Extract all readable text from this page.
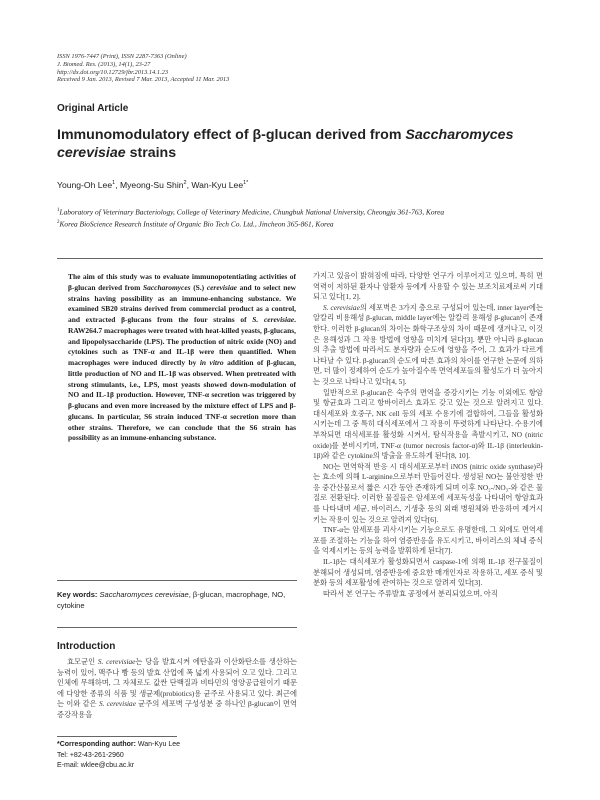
ISSN 1976-7447 (Print), ISSN 2287-7363 (Online)
J. Biomed. Res. (2013), 14(1), 23-27
http://dx.doi.org/10.12729/jbr.2013.14.1.23
Received 9 Jan. 2013, Revised 7 Mar. 2013, Accepted 11 Mar. 2013
Original Article
Immunomodulatory effect of β-glucan derived from Saccharomyces cerevisiae strains
Young-Oh Lee$^1$, Myeong-Su Shin$^2$, Wan-Kyu Lee$^{1*}$
$^1$Laboratory of Veterinary Bacteriology, College of Veterinary Medicine, Chungbuk National University, Cheongju 361-763, Korea
$^2$Korea BioScience Research Institute of Organic Bio Tech Co. Ltd., Jincheon 365-861, Korea
The aim of this study was to evaluate immunopotentiating activities of β-glucan derived from Saccharomyces (S.) cerevisiae and to select new strains having possibility as an immune-enhancing substance. We examined SB20 strains derived from commercial product as a control, and extracted β-glucans from the four strains of S. cerevisiae. RAW264.7 macrophages were treated with heat-killed yeasts, β-glucans, and lipopolysaccharide (LPS). The production of nitric oxide (NO) and cytokines such as TNF-α and IL-1β were then quantified. When macrophages were induced directly by in vitro addition of β-glucan, little production of NO and IL-1β was observed. When pretreated with strong stimulants, i.e., LPS, most yeasts showed down-modulation of NO and IL-1β production. However, TNF-α secretion was triggered by β-glucans and even more increased by the mixture effect of LPS and β-glucans. In particular, S6 strain induced TNF-α secretion more than other strains. Therefore, we can conclude that the S6 strain has possibility as an immune-enhancing substance.
Key words: Saccharomyces cerevisiae, β-glucan, macrophage, NO, cytokine
Introduction

효모균인 S. cerevisiae는 당을 발효시켜 에탄올과 이산화탄소를 생산하는 능력이 있어, 맥주나 빵 등의 발효 산업에 폭 넓게 사용되어 오고 있다. 그리고 인체에 무해하며, 그 자체로도 값싼 단백질과 비타민의 영양공급원이기 때문에 다양한 종류의 식품 및 생균제(probiotics)용 균주로 사용되고 있다. 최근에는 이와 같은 S. cerevisiae 균주의 세포벽 구성성분 중 하나인 β-glucan이 면역증강작용을

*Corresponding author: Wan-Kyu Lee
Tel: +82-43-261-2960
E-mail: wklee@cbu.ac.kr

가지고 있음이 밝혀짐에 따라, 다양한 연구가 이루어지고 있으며, 특히 면역력이 저하된 환자나 암환자 등에게 사용할 수 있는 보조치료제로써 기대되고 있다[1, 2].

S. cerevisiae의 세포벽은 3가지 층으로 구성되어 있는데, inner layer에는 알칼리 비용해성 β-glucan, middle layer에는 알칼리 용해성 β-glucan이 존재한다. 이러한 β-glucan의 차이는 화학구조상의 차이 때문에 생겨나고, 이것은 용해성과 그 작용 방법에 영향을 미치게 된다[3]. 뿐만 아니라 β-glucan의 추출 방법에 따라서도 분자량과 순도에 영향을 주어, 그 효과가 다르게 나타날 수 있다. β-glucan의 순도에 따른 효과의 차이를 연구한 논문에 의하면, 더 많이 정제하여 순도가 높아질수록 면역세포들의 활성도가 더 높아지는 것으로 나타나고 있다[4, 5].

일반적으로 β-glucan은 숙주의 면역을 증강시키는 기능 이외에도 항암 및 항균효과 그리고 항바이러스 효과도 갖고 있는 것으로 알려지고 있다. 대식세포와 호중구, NK cell 등의 세포 수용기에 결합하여, 그들을 활성화시키는데 그 중 특히 대식세포에서 그 작용이 뚜렷하게 나타난다. 수용기에 부착되면 대식세포를 활성화 시켜서, 탐식작용을 촉발시키고, NO (nitric oxide)를 분비시키며, TNF-α (tumor necrosis factor-α)와 IL-1β (interleukin-1β)와 같은 cytokine의 방출을 유도하게 된다[8, 10].

NO는 면역학적 반응 시 대식세포로부터 iNOS (nitric oxide synthase)라는 효소에 의해 L-arginine으로부터 만들어진다. 생성된 NO는 불안정한 반응 중간산물로서 짧은 시간 동안 존재하게 되며 이후 NO₂-/NO₃-와 같은 물질로 전환된다. 이러한 물질들은 암세포에 세포독성을 나타내어 항암효과를 나타내며 세균, 바이러스, 기생충 등의 외래 병원체와 반응하여 제거시키는 작용이 있는 것으로 알려져 있다[6].

TNF-α는 암세포를 괴사시키는 기능으로도 유명한데, 그 외에도 면역세포를 조절하는 기능을 하여 염증반응을 유도시키고, 바이러스의 체내 증식을 억제시키는 등의 능력을 발휘하게 된다[7].

IL-1β는 대식세포가 활성화되면서 caspase-1에 의해 IL-1β 전구물질이 분해되어 생성되며, 염증반응에 중요한 매개인자로 작용하고, 세포 증식 및 분화 등의 세포활성에 관여하는 것으로 알려져 있다[3].

따라서 본 연구는 주류발효 공정에서 분리되었으며, 아직
